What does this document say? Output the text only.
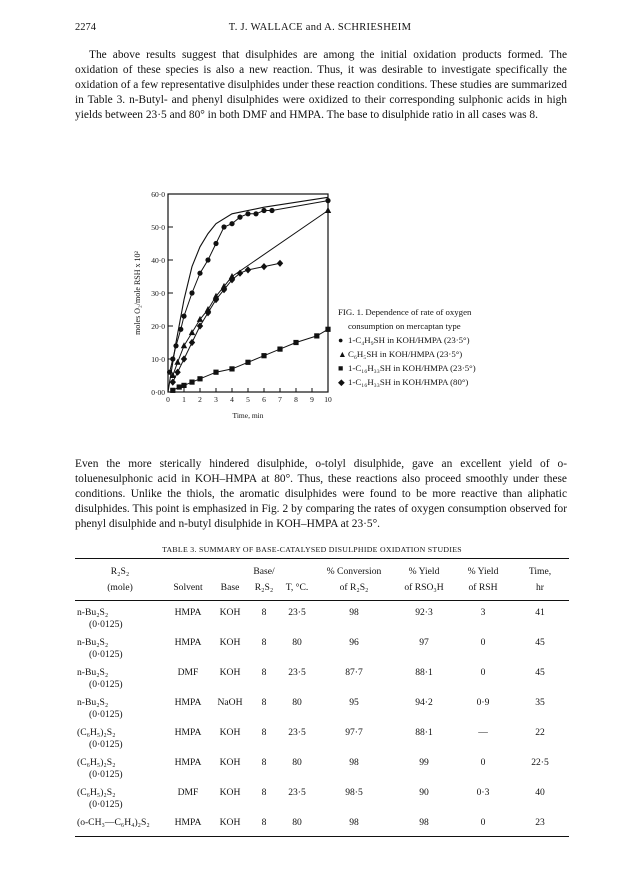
2274	T. J. WALLACE and A. SCHRIESHEIM
The above results suggest that disulphides are among the initial oxidation products formed. The oxidation of these species is also a new reaction. Thus, it was desirable to investigate specifically the oxidation of a few representative disulphides under these reaction conditions. These studies are summarized in Table 3. n-Butyl- and phenyl disulphides were oxidized to their corresponding sulphonic acids in high yields between 23·5 and 80° in both DMF and HMPA. The base to disulphide ratio in all cases was 8.
0·00
10·0
20·0
30·0
40·0
50·0
60·0
0 1 2 3 4 5 6 7 8 9 10
Time, min
moles O₂/mole RSH x 10²	FIG. 1. Dependence of rate of oxygen
consumption on mercaptan type
● 1-C₄H₉SH in KOH/HMPA (23·5°)
▲C₆H₅SH in KOH/HMPA (23·5°)
■ 1-C₁₆H₃₃SH in KOH/HMPA (23·5°)
◆ 1-C₁₆H₃₃SH in KOH/HMPA (80°)
Even the more sterically hindered disulphide, o-tolyl disulphide, gave an excellent yield of o-toluenesulphonic acid in KOH–HMPA at 80°. Thus, these reactions also proceed smoothly under these conditions. Unlike the thiols, the aromatic disulphides were found to be more reactive than aliphatic disulphides. This point is emphasized in Fig. 2 by comparing the rates of oxygen consumption observed for phenyl disulphide and n-butyl disulphide in KOH–HMPA at 23·5°.
TABLE 3. SUMMARY OF BASE-CATALYSED DISULPHIDE OXIDATION STUDIES
R₂S₂			Base/		% Conversion	% Yield	% Yield	Time,
(mole)	Solvent	Base	R₂S₂	T, °C.	of R₂S₂	of RSO₃H	of RSH	hr
n-Bu₂S₂	HMPA	KOH	8	23·5	98	92·3	3	41
(0·0125)								
n-Bu₂S₂	HMPA	KOH	8	80	96	97	0	45
(0·0125)								
n-Bu₂S₂	DMF	KOH	8	23·5	87·7	88·1	0	45
(0·0125)								
n-Bu₂S₂	HMPA	NaOH	8	80	95	94·2	0·9	35
(0·0125)								
(C₆H₅)₂S₂	HMPA	KOH	8	23·5	97·7	88·1	—	22
(0·0125)								
(C₆H₅)₂S₂	HMPA	KOH	8	80	98	99	0	22·5
(0·0125)								
(C₆H₅)₂S₂	DMF	KOH	8	23·5	98·5	90	0·3	40
(0·0125)								
(o-CH₃—C₆H₄)₂S₂	HMPA	KOH	8	80	98	98	0	23
